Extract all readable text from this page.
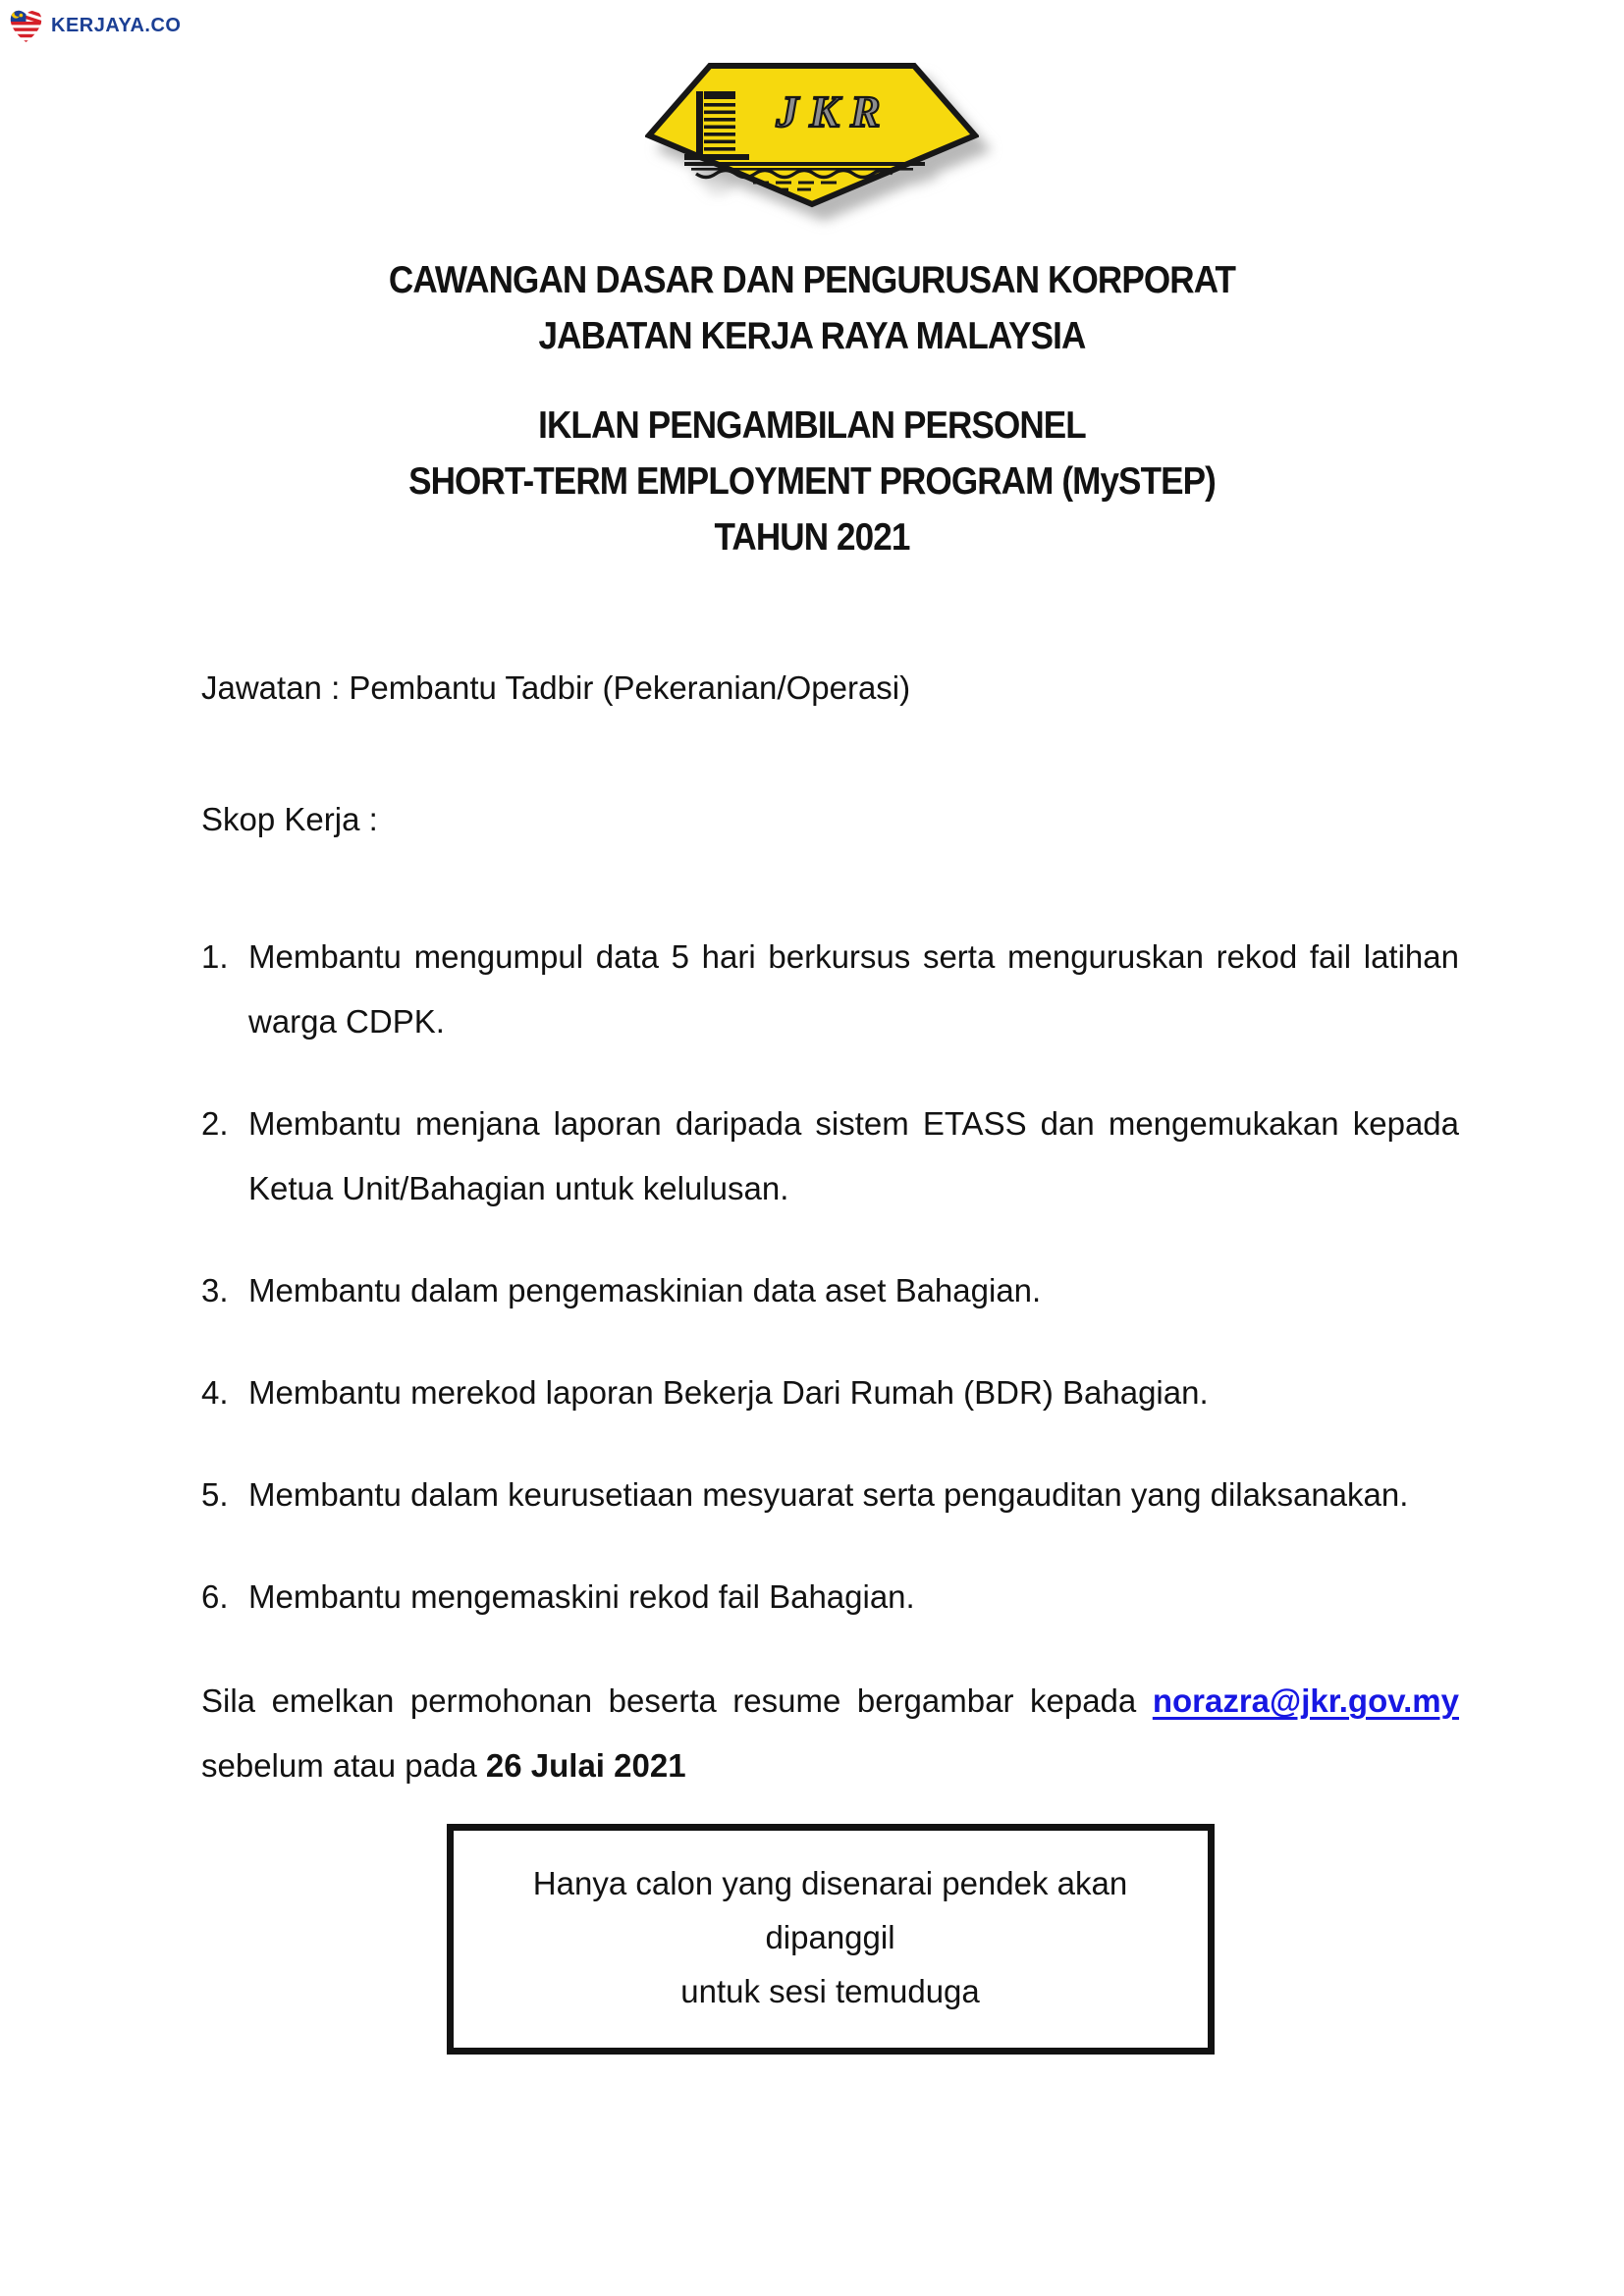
KERJAYA.CO
JKR
CAWANGAN DASAR DAN PENGURUSAN KORPORAT
JABATAN KERJA RAYA MALAYSIA
IKLAN PENGAMBILAN PERSONEL
SHORT-TERM EMPLOYMENT PROGRAM (MySTEP)
TAHUN 2021
Jawatan : Pembantu Tadbir (Pekeranian/Operasi)
Skop Kerja :
1. Membantu mengumpul data 5 hari berkursus serta menguruskan rekod fail latihan warga CDPK.
2. Membantu menjana laporan daripada sistem ETASS dan mengemukakan kepada Ketua Unit/Bahagian untuk kelulusan.
3. Membantu dalam pengemaskinian data aset Bahagian.
4. Membantu merekod laporan Bekerja Dari Rumah (BDR) Bahagian.
5. Membantu dalam keurusetiaan mesyuarat serta pengauditan yang dilaksanakan.
6. Membantu mengemaskini rekod fail Bahagian.
Sila emelkan permohonan beserta resume bergambar kepada norazra@jkr.gov.my
sebelum atau pada 26 Julai 2021
Hanya calon yang disenarai pendek akan dipanggil
untuk sesi temuduga
